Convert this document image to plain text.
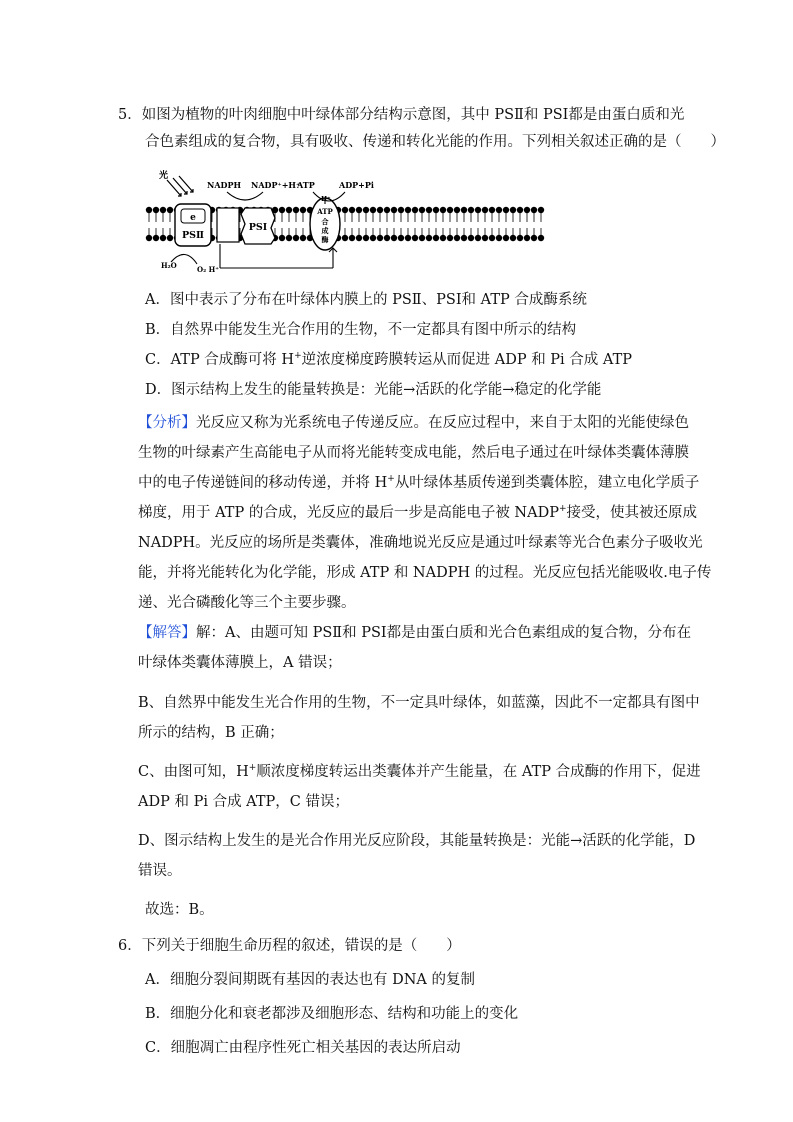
5．如图为植物的叶肉细胞中叶绿体部分结构示意图，其中 PSⅡ和 PSⅠ都是由蛋白质和光
合色素组成的复合物，具有吸收、传递和转化光能的作用。下列相关叙述正确的是（　　）
e
PSⅡ
PSⅠ
ATP
合
成
酶
光
NADPH NADP⁺+H⁺
ATP	ADP+Pi
H⁺
H₂O	O₂ H⁺
A．图中表示了分布在叶绿体内膜上的 PSⅡ、PSⅠ和 ATP 合成酶系统
B．自然界中能发生光合作用的生物，不一定都具有图中所示的结构
C．ATP 合成酶可将 H+逆浓度梯度跨膜转运从而促进 ADP 和 Pi 合成 ATP
D．图示结构上发生的能量转换是：光能→活跃的化学能→稳定的化学能
【分析】光反应又称为光系统电子传递反应。在反应过程中，来自于太阳的光能使绿色
生物的叶绿素产生高能电子从而将光能转变成电能，然后电子通过在叶绿体类囊体薄膜
中的电子传递链间的移动传递，并将 H+从叶绿体基质传递到类囊体腔，建立电化学质子
梯度，用于 ATP 的合成，光反应的最后一步是高能电子被 NADP+接受，使其被还原成
NADPH。光反应的场所是类囊体，准确地说光反应是通过叶绿素等光合色素分子吸收光
能，并将光能转化为化学能，形成 ATP 和 NADPH 的过程。光反应包括光能吸收.电子传
递、光合磷酸化等三个主要步骤。
【解答】解：A、由题可知 PSⅡ和 PSⅠ都是由蛋白质和光合色素组成的复合物，分布在
叶绿体类囊体薄膜上，A 错误；
B、自然界中能发生光合作用的生物，不一定具叶绿体，如蓝藻，因此不一定都具有图中
所示的结构，B 正确；
C、由图可知，H+顺浓度梯度转运出类囊体并产生能量，在 ATP 合成酶的作用下，促进
ADP 和 Pi 合成 ATP，C 错误；
D、图示结构上发生的是光合作用光反应阶段，其能量转换是：光能→活跃的化学能，D
错误。
故选：B。
6．下列关于细胞生命历程的叙述，错误的是（　　）
A．细胞分裂间期既有基因的表达也有 DNA 的复制
B．细胞分化和衰老都涉及细胞形态、结构和功能上的变化
C．细胞凋亡由程序性死亡相关基因的表达所启动
